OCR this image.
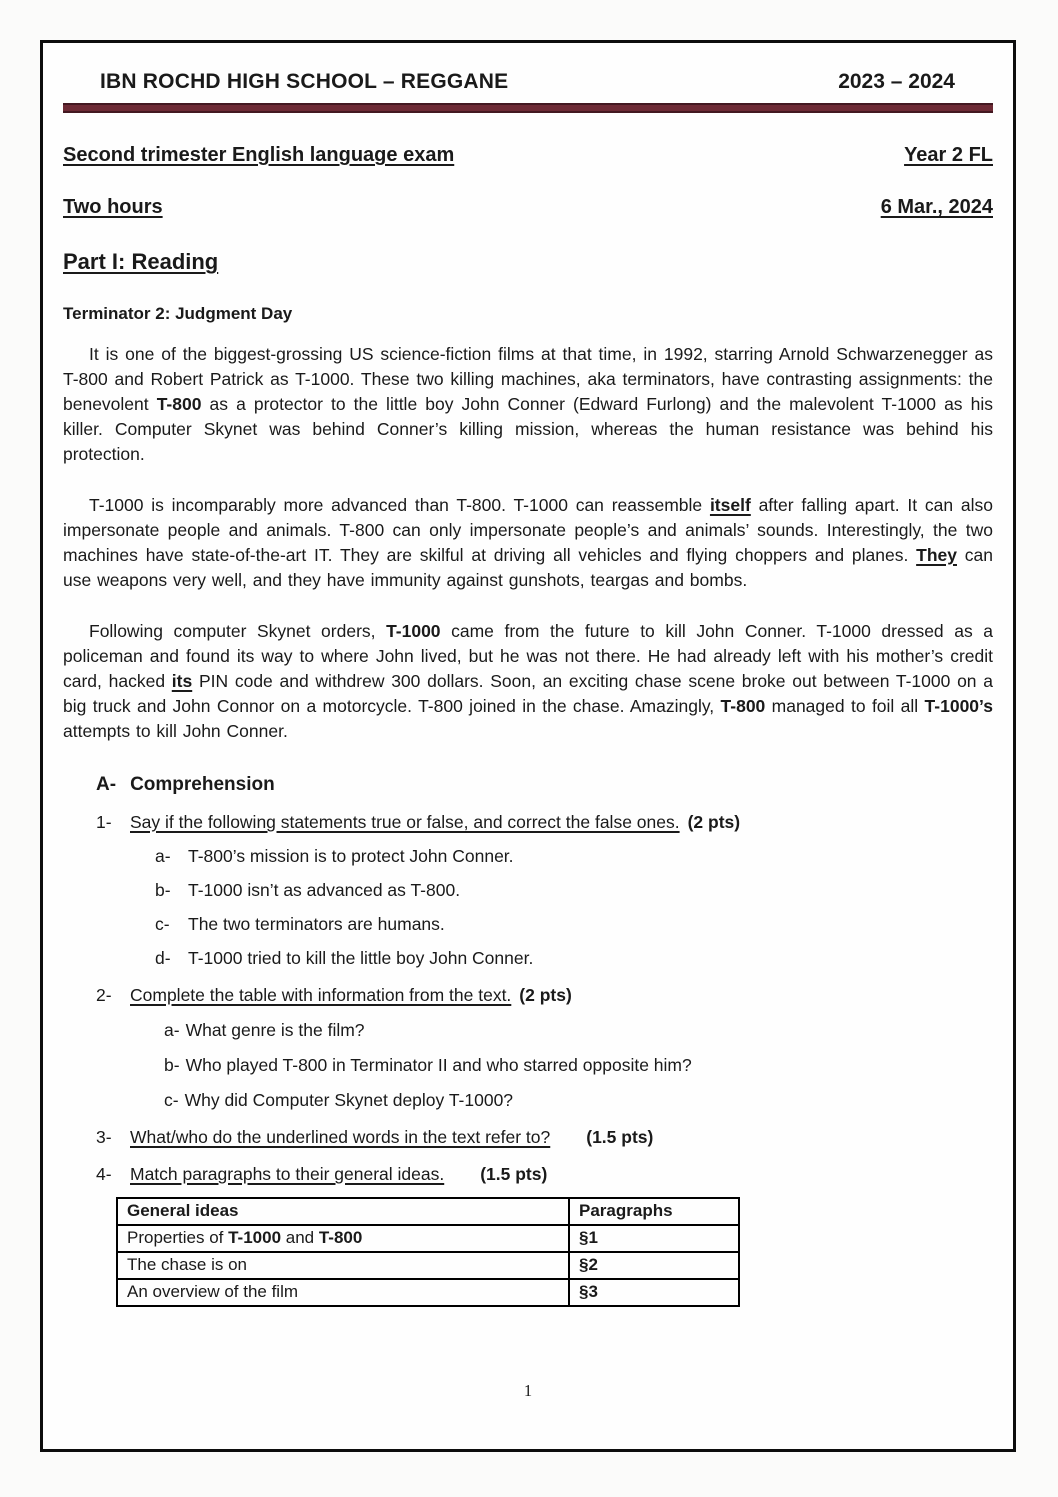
IBN ROCHD HIGH SCHOOL – REGGANE	2023 – 2024
Second trimester English language exam	Year 2 FL
Two hours	6 Mar., 2024
Part I: Reading
Terminator 2: Judgment Day

It is one of the biggest-grossing US science-fiction films at that time, in 1992, starring Arnold Schwarzenegger as T-800 and Robert Patrick as T-1000. These two killing machines, aka terminators, have contrasting assignments: the benevolent T-800 as a protector to the little boy John Conner (Edward Furlong) and the malevolent T-1000 as his killer. Computer Skynet was behind Conner’s killing mission, whereas the human resistance was behind his protection.

T-1000 is incomparably more advanced than T-800. T-1000 can reassemble itself after falling apart. It can also impersonate people and animals. T-800 can only impersonate people’s and animals’ sounds. Interestingly, the two machines have state-of-the-art IT. They are skilful at driving all vehicles and flying choppers and planes. They can use weapons very well, and they have immunity against gunshots, teargas and bombs.

Following computer Skynet orders, T-1000 came from the future to kill John Conner. T-1000 dressed as a policeman and found its way to where John lived, but he was not there. He had already left with his mother’s credit card, hacked its PIN code and withdrew 300 dollars. Soon, an exciting chase scene broke out between T-1000 on a big truck and John Connor on a motorcycle. T-800 joined in the chase. Amazingly, T-800 managed to foil all T-1000’s attempts to kill John Conner.

A- Comprehension
1-	Say if the following statements true or false, and correct the false ones. (2 pts)
a- T-800’s mission is to protect John Conner.
b- T-1000 isn’t as advanced as T-800.
c-	The two terminators are humans.
d- T-1000 tried to kill the little boy John Conner.
2-	Complete the table with information from the text. (2 pts)
a- What genre is the film?
b- Who played T-800 in Terminator II and who starred opposite him?
c- Why did Computer Skynet deploy T-1000?
3-	What/who do the underlined words in the text refer to? (1.5 pts)
4-	Match paragraphs to their general ideas. (1.5 pts)
General ideas	Paragraphs
Properties of T-1000 and T-800	§1
The chase is on	§2
An overview of the film	§3
1
